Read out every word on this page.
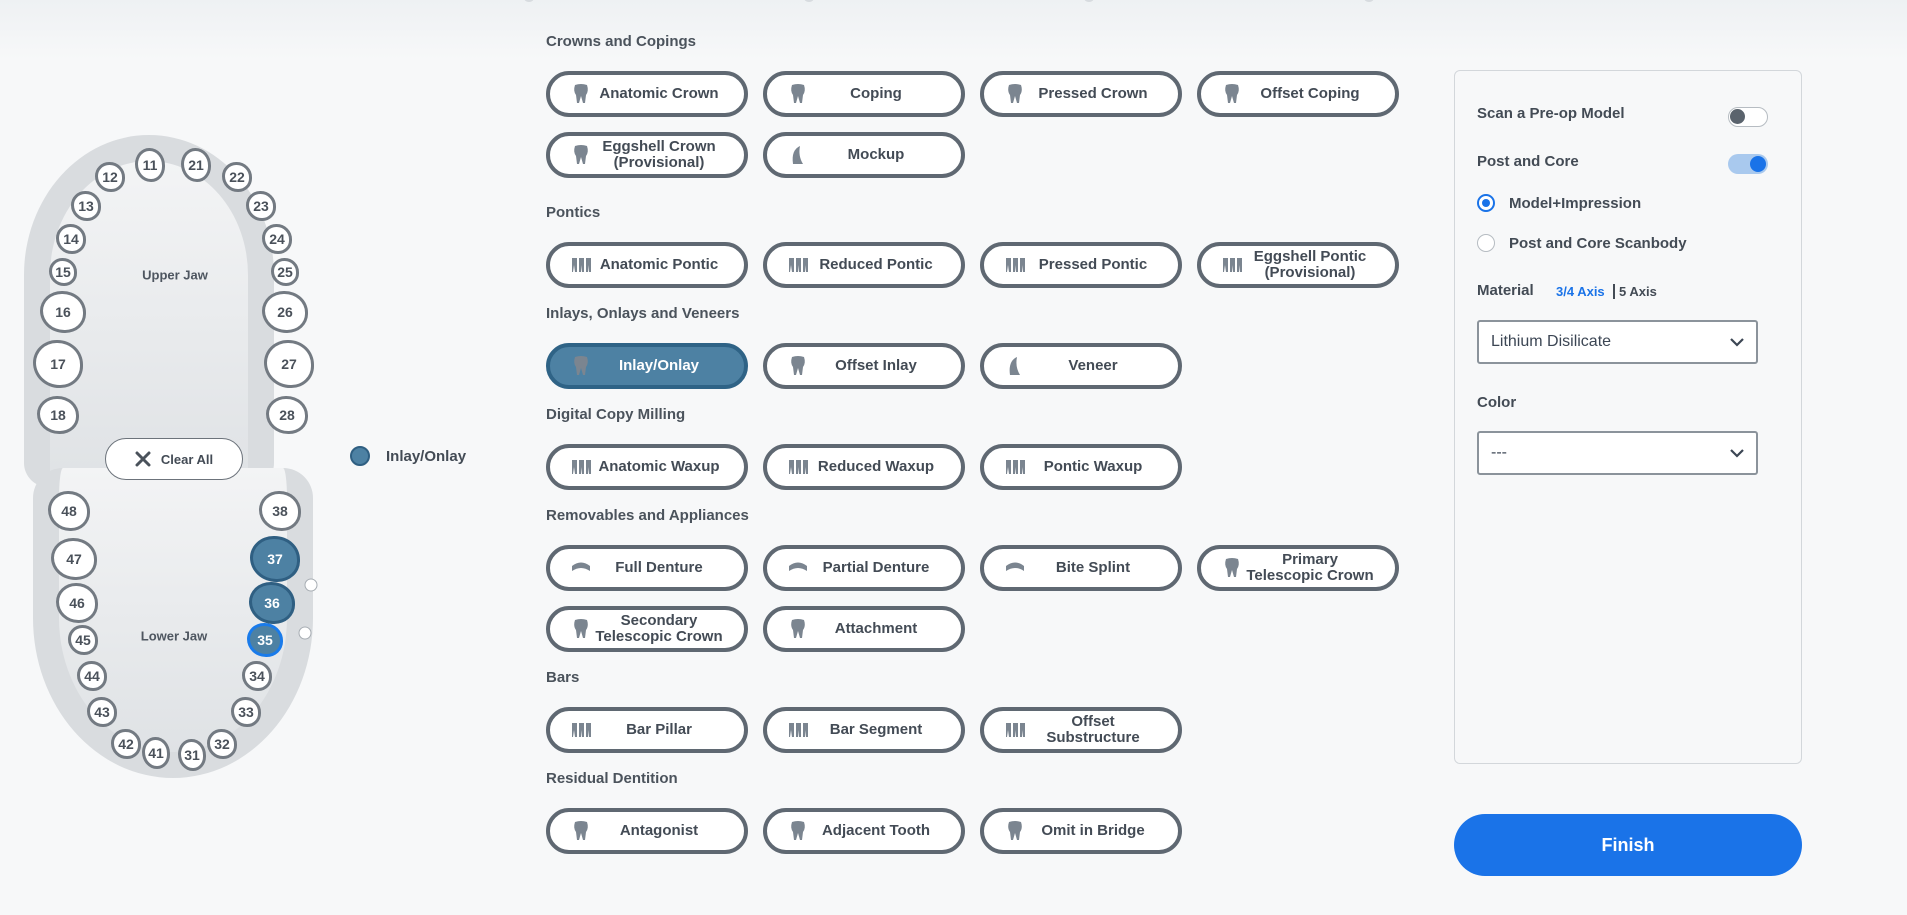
Upper Jaw
Lower Jaw
11
12
13
14
15
16
17
18
21
22
23
24
25
26
27
28
31
32
33
34
35
36
37
38
41
42
43
44
45
46
47
48
Clear All	Inlay/Onlay
Crowns and Copings
Anatomic Crown	Coping	Pressed Crown	Offset Coping
Eggshell Crown
(Provisional)	Mockup
Pontics
Anatomic Pontic	Reduced Pontic	Pressed Pontic	Eggshell Pontic
(Provisional)
Inlays, Onlays and Veneers
Inlay/Onlay	Offset Inlay	Veneer
Digital Copy Milling
Anatomic Waxup	Reduced Waxup	Pontic Waxup
Removables and Appliances
Full Denture	Partial Denture	Bite Splint	Primary
Telescopic Crown
Secondary
Telescopic Crown	Attachment
Bars
Bar Pillar	Bar Segment	Offset
Substructure
Residual Dentition
Antagonist	Adjacent Tooth	Omit in Bridge
Scan a Pre-op Model
Post and Core
Model+Impression
Post and Core Scanbody
Material 3/4 Axis 5 Axis
Lithium Disilicate
Color
---
Finish
